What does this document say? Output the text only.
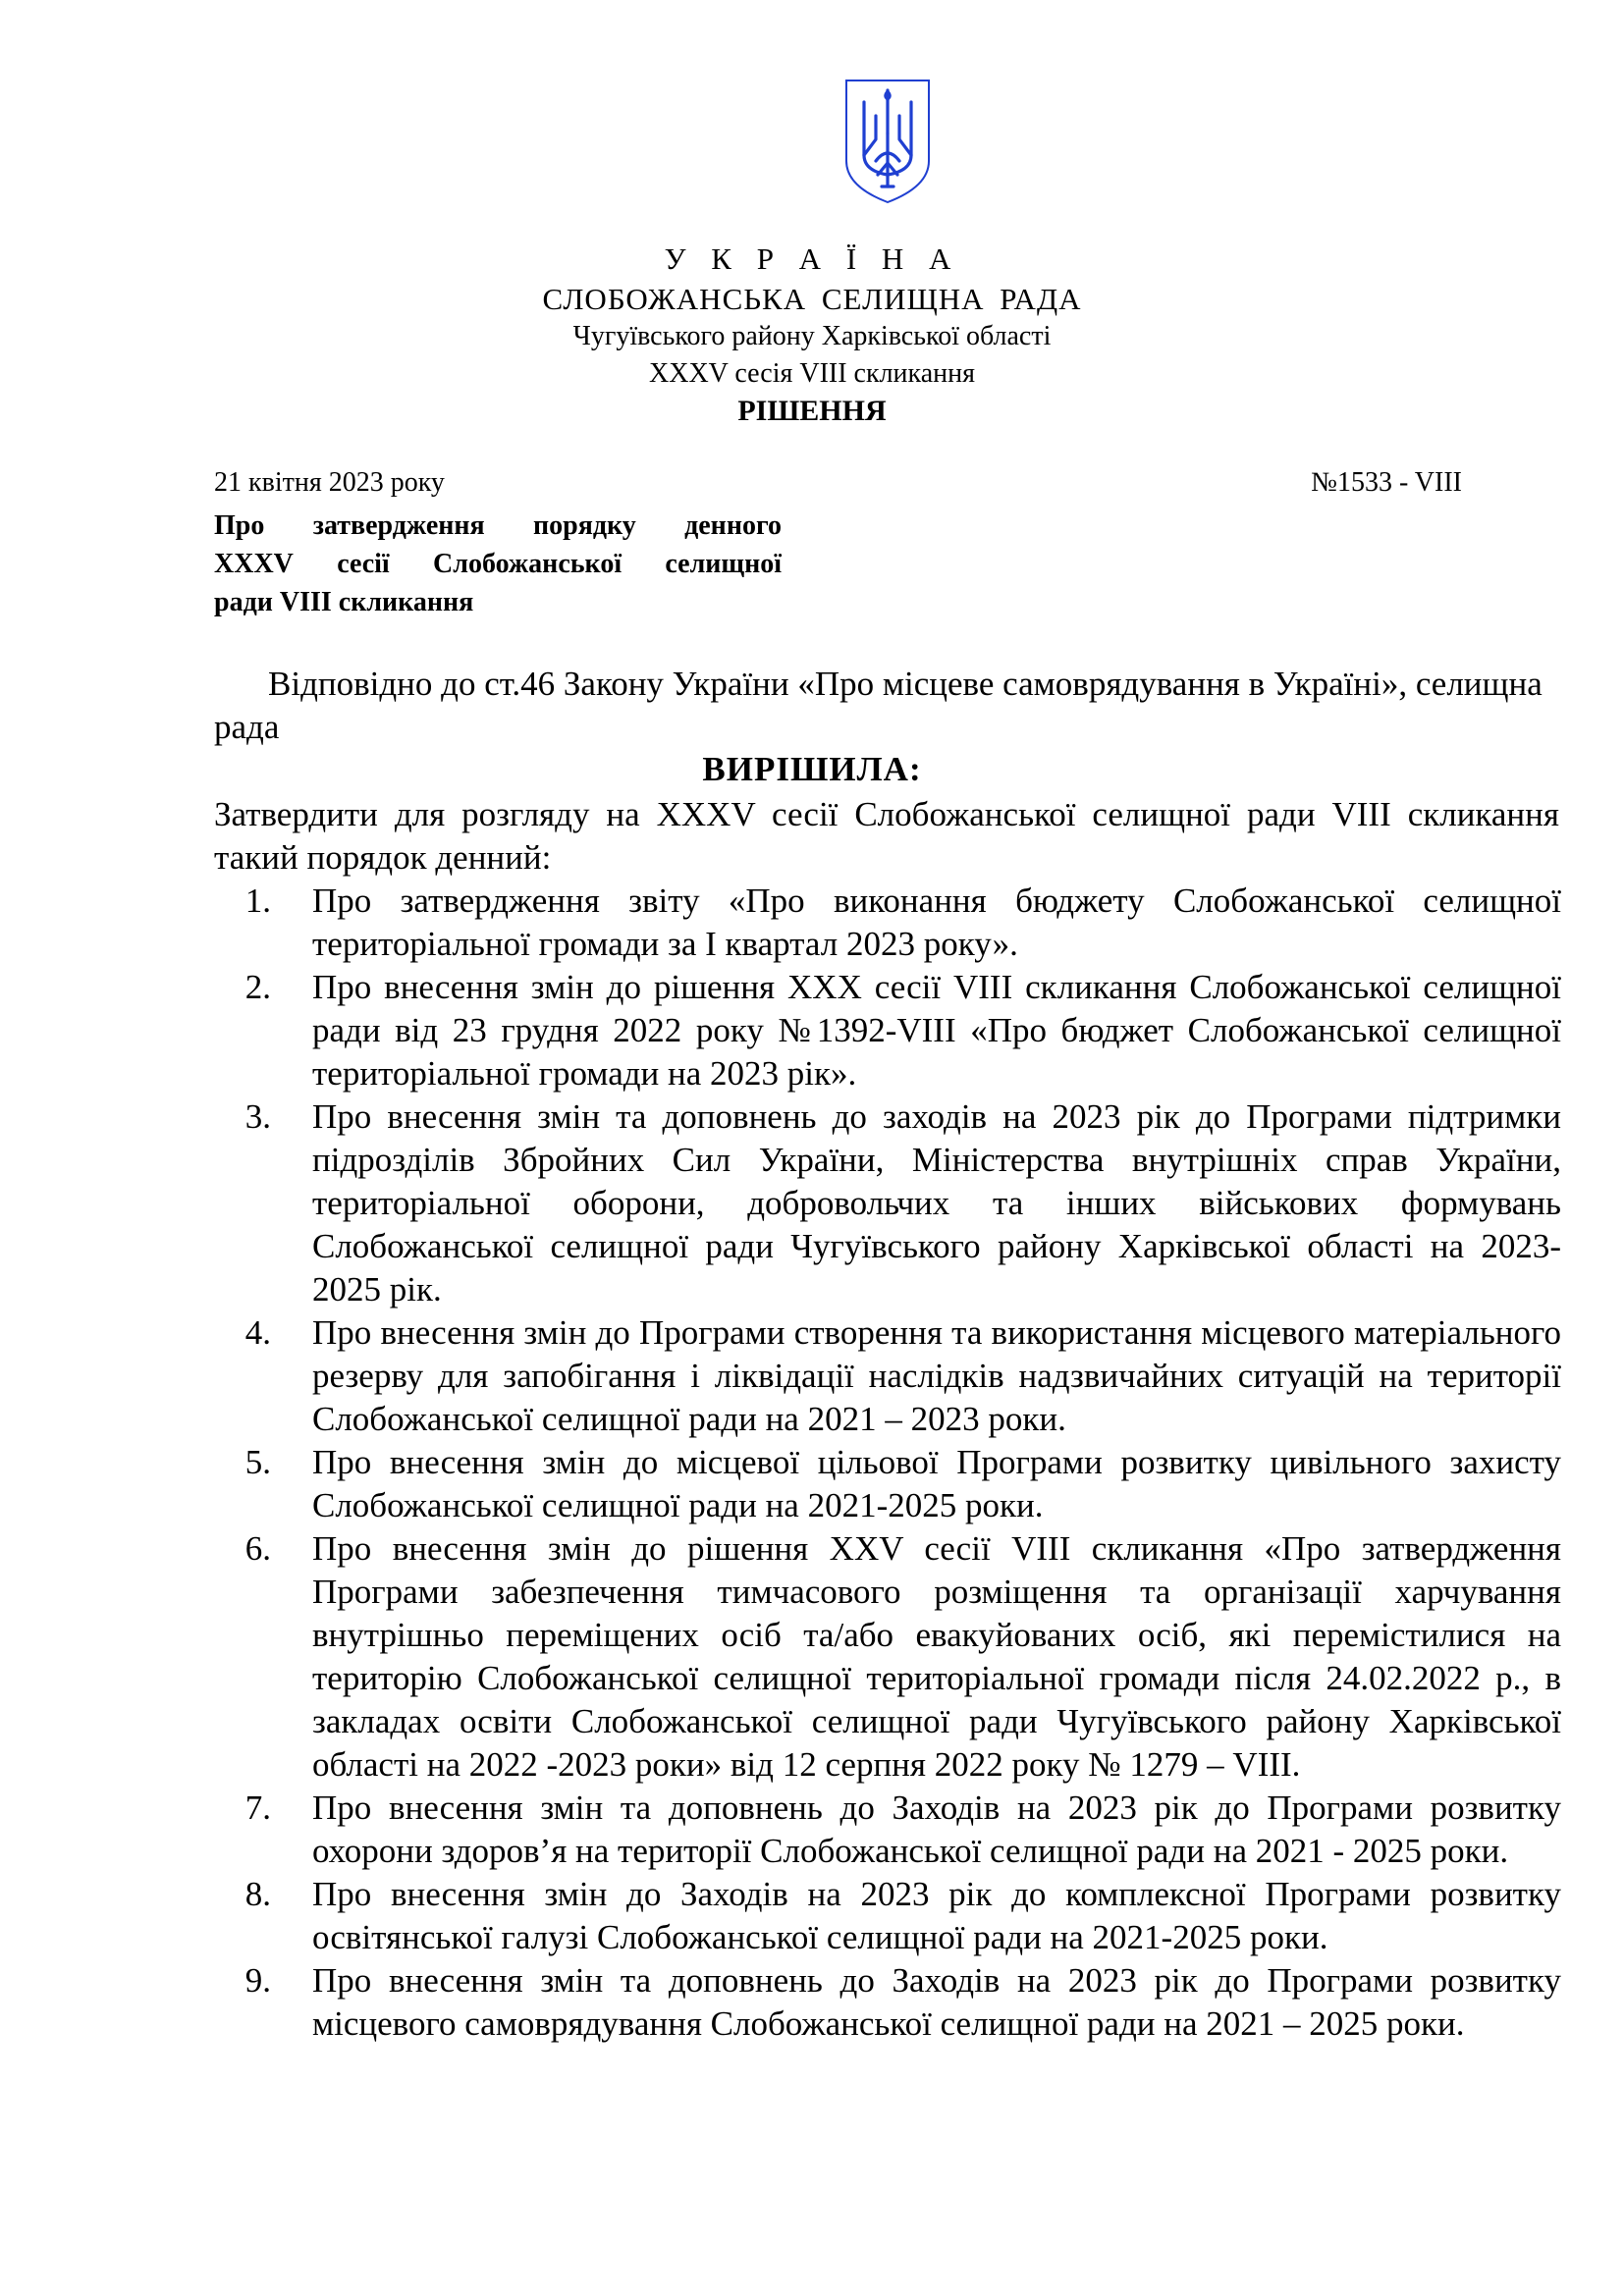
У К Р А Ї Н А
СЛОБОЖАНСЬКА СЕЛИЩНА РАДА
Чугуївського району Харківської області
XXXV сесія VIII скликання
РІШЕННЯ
21 квітня 2023 року	№1533 - VIII
Про затвердження порядку денного
XXXV сесії Слобожанської селищної
ради VIII скликання
Відповідно до ст.46 Закону України «Про місцеве самоврядування в Україні», селищна рада
ВИРІШИЛА:
Затвердити для розгляду на XXXV сесії Слобожанської селищної ради VIII скликання такий порядок денний:
1. Про затвердження звіту «Про виконання бюджету Слобожанської селищної територіальної громади за I квартал 2023 року».
2. Про внесення змін до рішення XXX сесії VIII скликання Слобожанської селищної ради від 23 грудня 2022 року №1392-VIII «Про бюджет Слобожанської селищної територіальної громади на 2023 рік».
3. Про внесення змін та доповнень до заходів на 2023 рік до Програми підтримки підрозділів Збройних Сил України, Міністерства внутрішніх справ України, територіальної оборони, добровольчих та інших військових формувань Слобожанської селищної ради Чугуївського району Харківської області на 2023-2025 рік.
4. Про внесення змін до Програми створення та використання місцевого матеріального резерву для запобігання і ліквідації наслідків надзвичайних ситуацій на території Слобожанської селищної ради на 2021 – 2023 роки.
5. Про внесення змін до місцевої цільової Програми розвитку цивільного захисту Слобожанської селищної ради на 2021-2025 роки.
6. Про внесення змін до рішення XXV сесії VIII скликання «Про затвердження Програми забезпечення тимчасового розміщення та організації харчування внутрішньо переміщених осіб та/або евакуйованих осіб, які перемістилися на територію Слобожанської селищної територіальної громади після 24.02.2022 р., в закладах освіти Слобожанської селищної ради Чугуївського району Харківської області на 2022 -2023 роки» від 12 серпня 2022 року № 1279 – VIII.
7. Про внесення змін та доповнень до Заходів на 2023 рік до Програми розвитку охорони здоров’я на території Слобожанської селищної ради на 2021 - 2025 роки.
8. Про внесення змін до Заходів на 2023 рік до комплексної Програми розвитку освітянської галузі Слобожанської селищної ради на 2021-2025 роки.
9. Про внесення змін та доповнень до Заходів на 2023 рік до Програми розвитку місцевого самоврядування Слобожанської селищної ради на 2021 – 2025 роки.
